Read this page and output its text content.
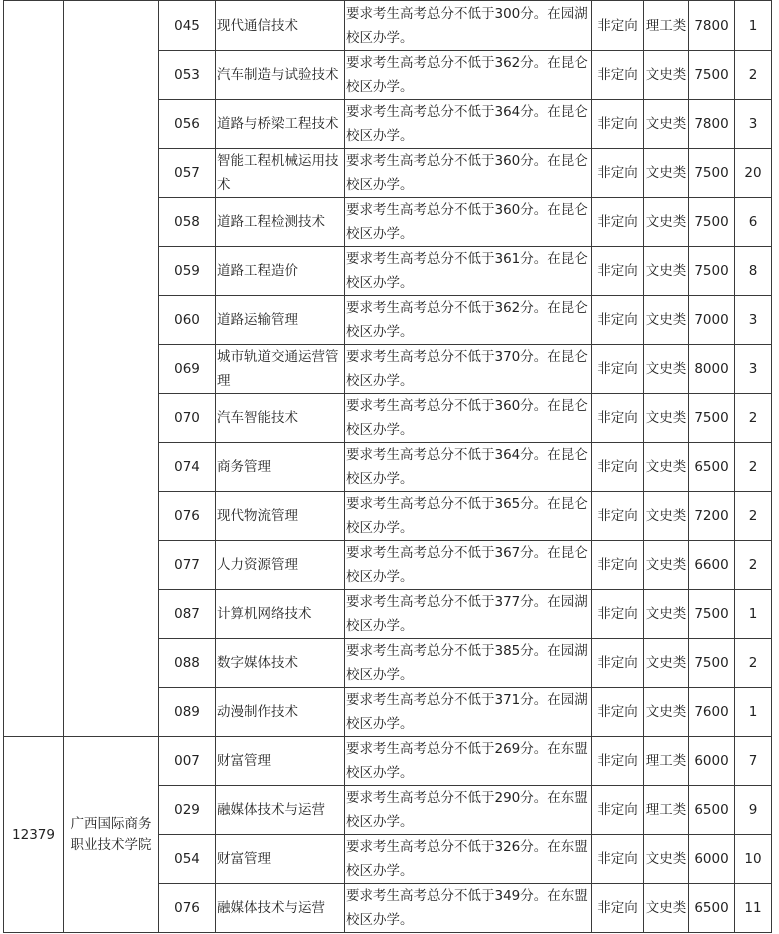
		045	现代通信技术	要求考生高考总分不低于300分。在园湖校区办学。	非定向	理工类	7800	1
		053	汽车制造与试验技术	要求考生高考总分不低于362分。在昆仑校区办学。	非定向	文史类	7500	2
		056	道路与桥梁工程技术	要求考生高考总分不低于364分。在昆仑校区办学。	非定向	文史类	7800	3
		057	智能工程机械运用技术	要求考生高考总分不低于360分。在昆仑校区办学。	非定向	文史类	7500	20
		058	道路工程检测技术	要求考生高考总分不低于360分。在昆仑校区办学。	非定向	文史类	7500	6
		059	道路工程造价	要求考生高考总分不低于361分。在昆仑校区办学。	非定向	文史类	7500	8
		060	道路运输管理	要求考生高考总分不低于362分。在昆仑校区办学。	非定向	文史类	7000	3
		069	城市轨道交通运营管理	要求考生高考总分不低于370分。在昆仑校区办学。	非定向	文史类	8000	3
		070	汽车智能技术	要求考生高考总分不低于360分。在昆仑校区办学。	非定向	文史类	7500	2
		074	商务管理	要求考生高考总分不低于364分。在昆仑校区办学。	非定向	文史类	6500	2
		076	现代物流管理	要求考生高考总分不低于365分。在昆仑校区办学。	非定向	文史类	7200	2
		077	人力资源管理	要求考生高考总分不低于367分。在昆仑校区办学。	非定向	文史类	6600	2
		087	计算机网络技术	要求考生高考总分不低于377分。在园湖校区办学。	非定向	文史类	7500	1
		088	数字媒体技术	要求考生高考总分不低于385分。在园湖校区办学。	非定向	文史类	7500	2
		089	动漫制作技术	要求考生高考总分不低于371分。在园湖校区办学。	非定向	文史类	7600	1
12379	广西国际商务职业技术学院	007	财富管理	要求考生高考总分不低于269分。在东盟校区办学。	非定向	理工类	6000	7
		029	融媒体技术与运营	要求考生高考总分不低于290分。在东盟校区办学。	非定向	理工类	6500	9
		054	财富管理	要求考生高考总分不低于326分。在东盟校区办学。	非定向	文史类	6000	10
		076	融媒体技术与运营	要求考生高考总分不低于349分。在东盟校区办学。	非定向	文史类	6500	11
